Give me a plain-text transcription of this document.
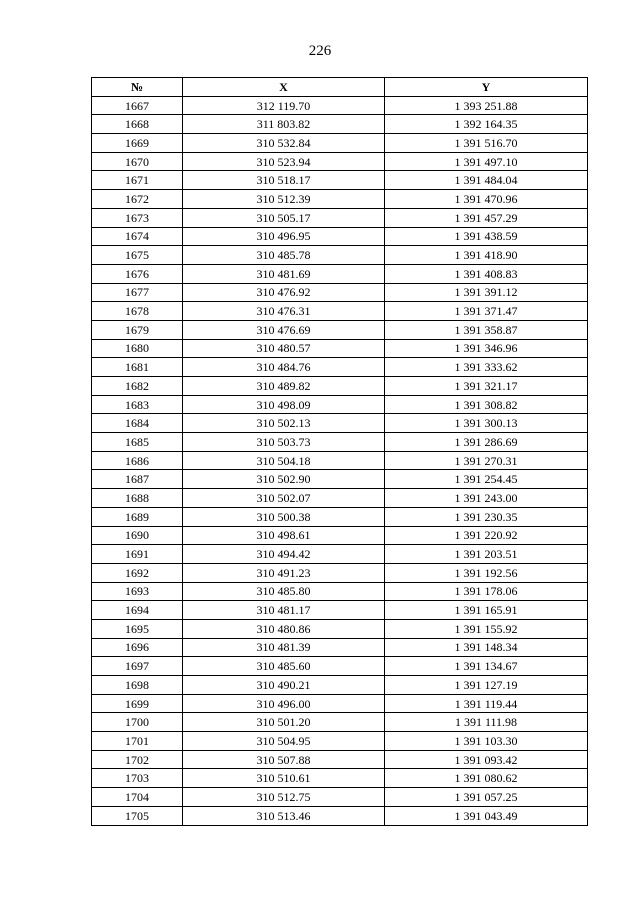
226
№	X	Y
1667	312 119.70	1 393 251.88
1668	311 803.82	1 392 164.35
1669	310 532.84	1 391 516.70
1670	310 523.94	1 391 497.10
1671	310 518.17	1 391 484.04
1672	310 512.39	1 391 470.96
1673	310 505.17	1 391 457.29
1674	310 496.95	1 391 438.59
1675	310 485.78	1 391 418.90
1676	310 481.69	1 391 408.83
1677	310 476.92	1 391 391.12
1678	310 476.31	1 391 371.47
1679	310 476.69	1 391 358.87
1680	310 480.57	1 391 346.96
1681	310 484.76	1 391 333.62
1682	310 489.82	1 391 321.17
1683	310 498.09	1 391 308.82
1684	310 502.13	1 391 300.13
1685	310 503.73	1 391 286.69
1686	310 504.18	1 391 270.31
1687	310 502.90	1 391 254.45
1688	310 502.07	1 391 243.00
1689	310 500.38	1 391 230.35
1690	310 498.61	1 391 220.92
1691	310 494.42	1 391 203.51
1692	310 491.23	1 391 192.56
1693	310 485.80	1 391 178.06
1694	310 481.17	1 391 165.91
1695	310 480.86	1 391 155.92
1696	310 481.39	1 391 148.34
1697	310 485.60	1 391 134.67
1698	310 490.21	1 391 127.19
1699	310 496.00	1 391 119.44
1700	310 501.20	1 391 111.98
1701	310 504.95	1 391 103.30
1702	310 507.88	1 391 093.42
1703	310 510.61	1 391 080.62
1704	310 512.75	1 391 057.25
1705	310 513.46	1 391 043.49
